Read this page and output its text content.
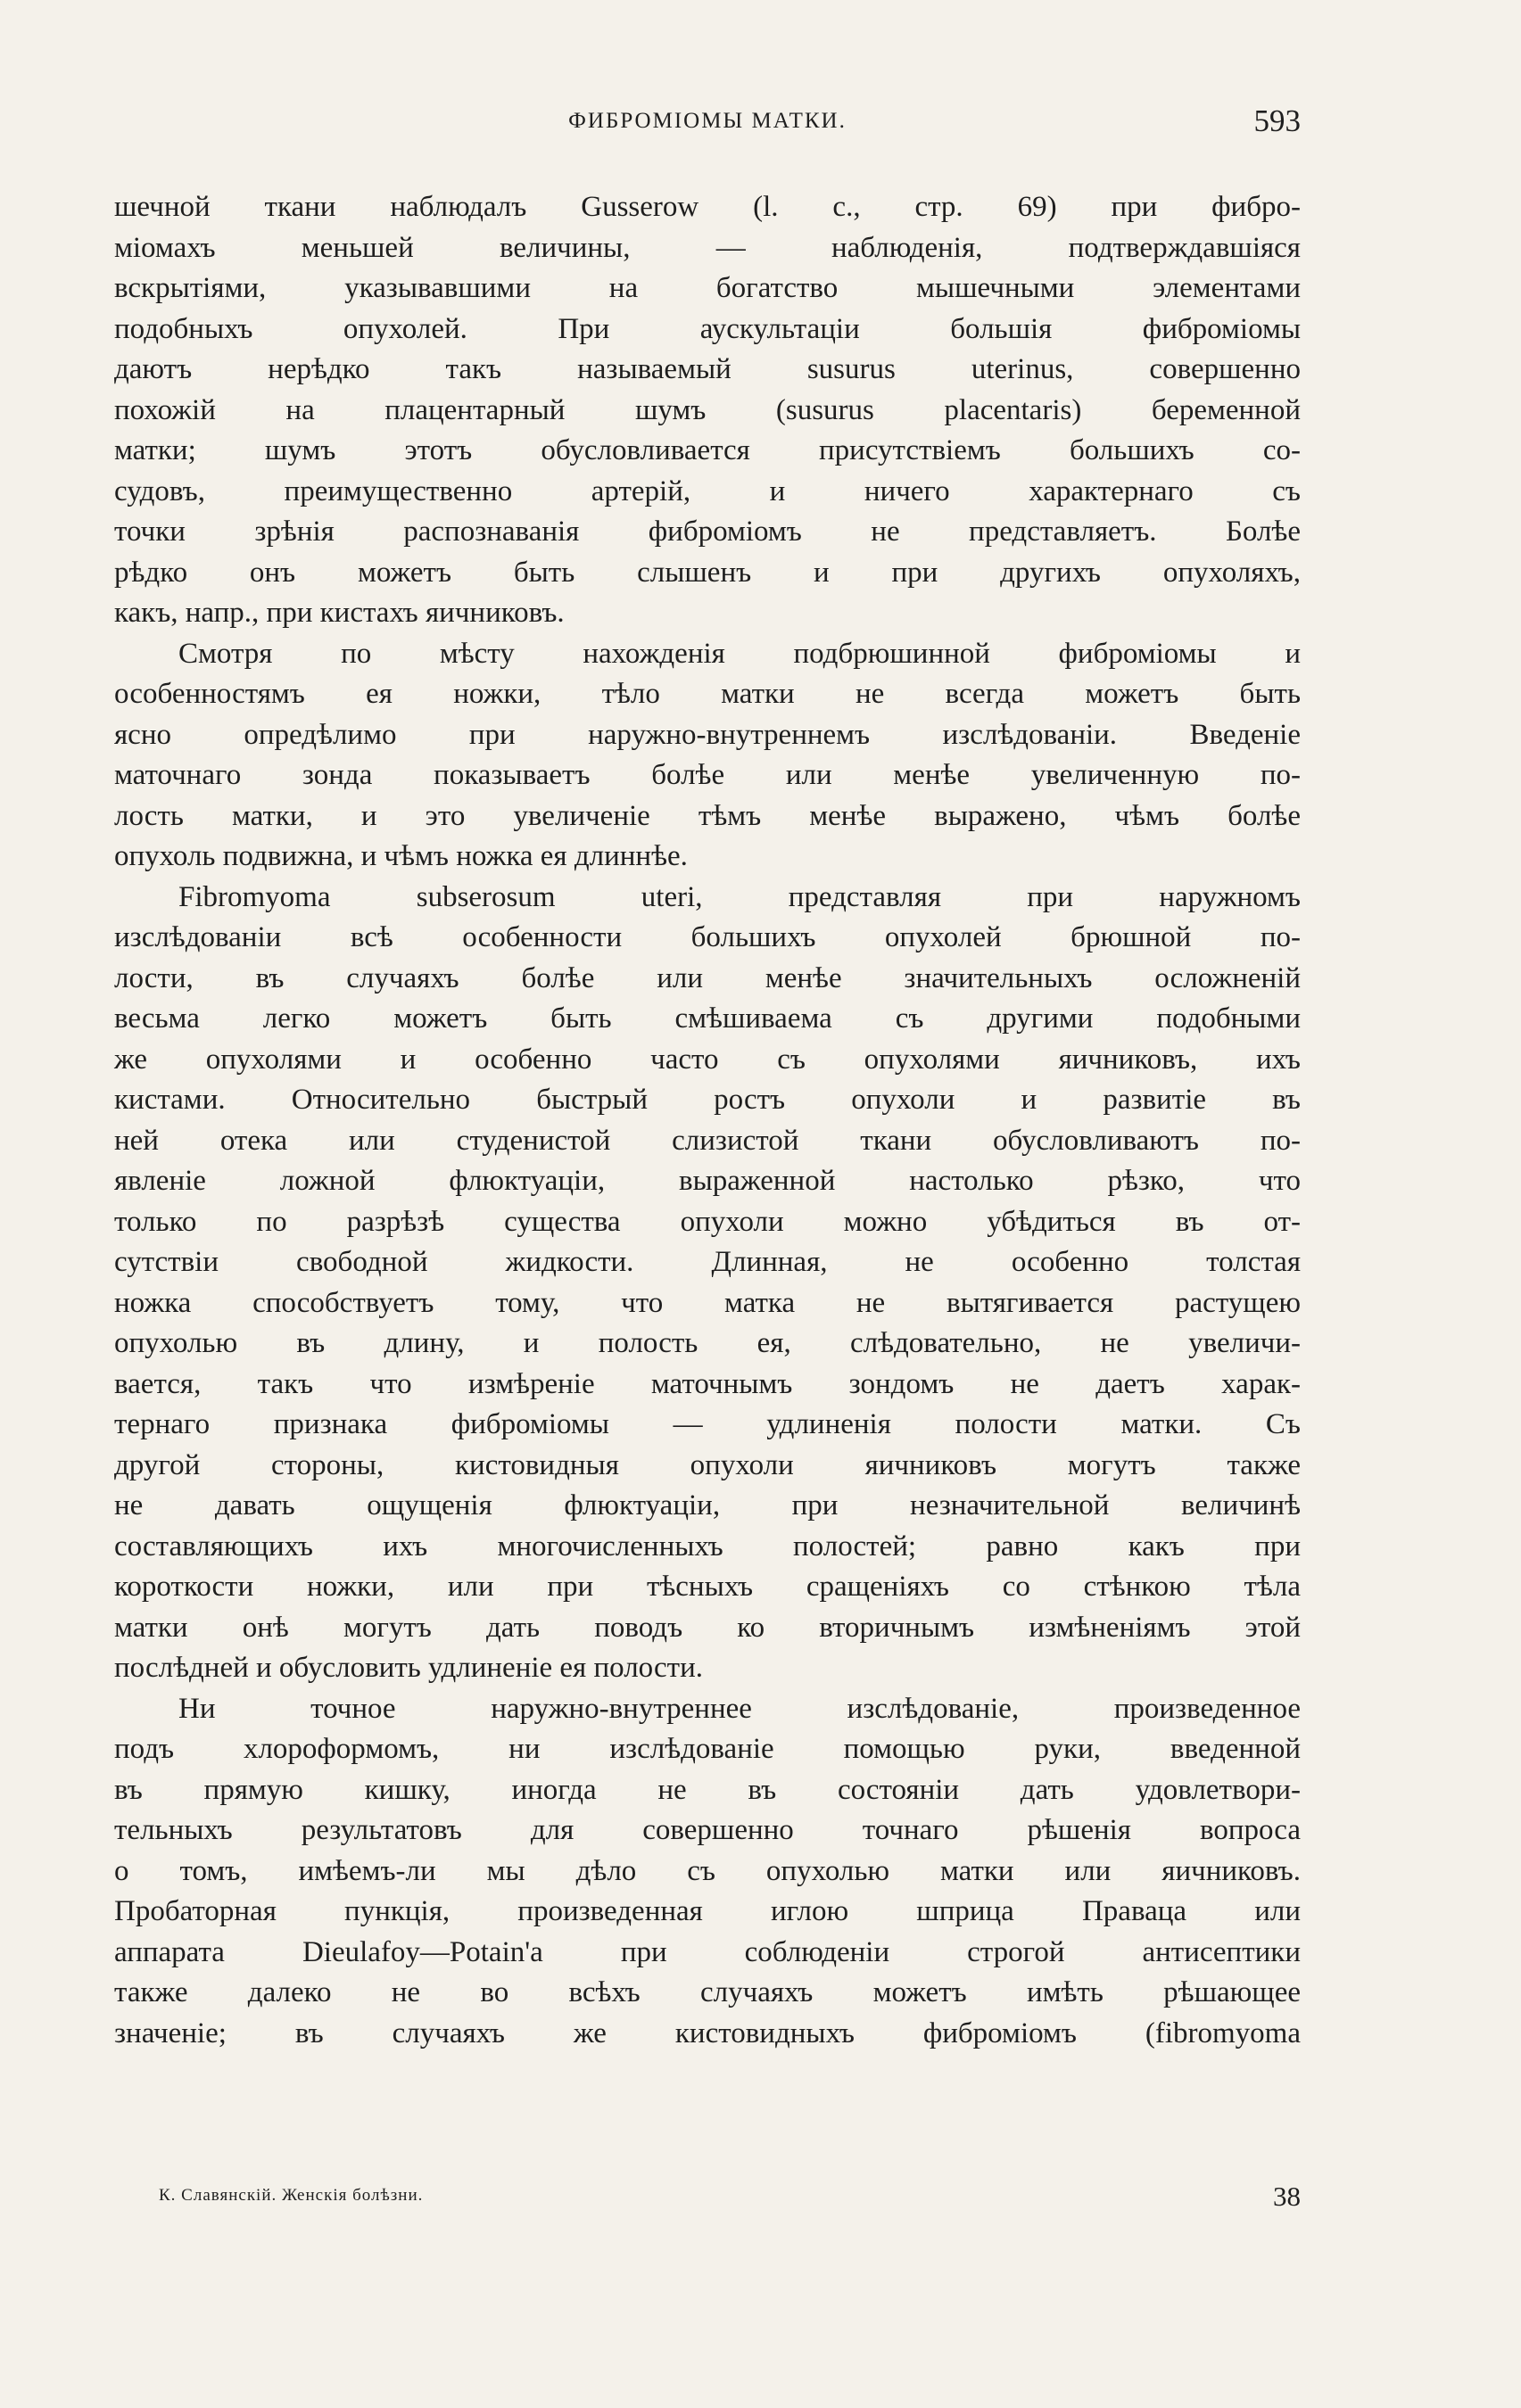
ФИБРОМІОМЫ МАТКИ.	593

шечной ткани наблюдалъ Gusserow (l. c., стр. 69) при фибро-
міомахъ меньшей величины, — наблюденія, подтверждавшіяся
вскрытіями, указывавшими на богатство мышечными элементами
подобныхъ опухолей. При аускультаціи большія фиброміомы
даютъ нерѣдко такъ называемый susurus uterinus, совершенно
похожій на плацентарный шумъ (susurus placentaris) беременной
матки; шумъ этотъ обусловливается присутствіемъ большихъ со-
судовъ, преимущественно артерій, и ничего характернаго съ
точки зрѣнія распознаванія фиброміомъ не представляетъ. Болѣе
рѣдко онъ можетъ быть слышенъ и при другихъ опухоляхъ,
какъ, напр., при кистахъ яичниковъ.

Смотря по мѣсту нахожденія подбрюшинной фиброміомы и
особенностямъ ея ножки, тѣло матки не всегда можетъ быть
ясно опредѣлимо при наружно-внутреннемъ изслѣдованіи. Введеніе
маточнаго зонда показываетъ болѣе или менѣе увеличенную по-
лость матки, и это увеличеніе тѣмъ менѣе выражено, чѣмъ болѣе
опухоль подвижна, и чѣмъ ножка ея длиннѣе.

Fibromyoma subserosum uteri, представляя при наружномъ
изслѣдованіи всѣ особенности большихъ опухолей брюшной по-
лости, въ случаяхъ болѣе или менѣе значительныхъ осложненій
весьма легко можетъ быть смѣшиваема съ другими подобными
же опухолями и особенно часто съ опухолями яичниковъ, ихъ
кистами. Относительно быстрый ростъ опухоли и развитіе въ
ней отека или студенистой слизистой ткани обусловливаютъ по-
явленіе ложной флюктуаціи, выраженной настолько рѣзко, что
только по разрѣзѣ существа опухоли можно убѣдиться въ от-
сутствіи свободной жидкости. Длинная, не особенно толстая
ножка способствуетъ тому, что матка не вытягивается растущею
опухолью въ длину, и полость ея, слѣдовательно, не увеличи-
вается, такъ что измѣреніе маточнымъ зондомъ не даетъ харак-
тернаго признака фиброміомы — удлиненія полости матки. Съ
другой стороны, кистовидныя опухоли яичниковъ могутъ также
не давать ощущенія флюктуаціи, при незначительной величинѣ
составляющихъ ихъ многочисленныхъ полостей; равно какъ при
короткости ножки, или при тѣсныхъ сращеніяхъ со стѣнкою тѣла
матки онѣ могутъ дать поводъ ко вторичнымъ измѣненіямъ этой
послѣдней и обусловить удлиненіе ея полости.

Ни точное наружно-внутреннее изслѣдованіе, произведенное
подъ хлороформомъ, ни изслѣдованіе помощью руки, введенной
въ прямую кишку, иногда не въ состояніи дать удовлетвори-
тельныхъ результатовъ для совершенно точнаго рѣшенія вопроса
о томъ, имѣемъ-ли мы дѣло съ опухолью матки или яичниковъ.
Пробаторная пункція, произведенная иглою шприца Праваца или
аппарата Dieulafoy—Potain'а при соблюденіи строгой антисептики
также далеко не во всѣхъ случаяхъ можетъ имѣть рѣшающее
значеніе; въ случаяхъ же кистовидныхъ фиброміомъ (fibromyoma

К. Славянскій. Женскія болѣзни.	38
